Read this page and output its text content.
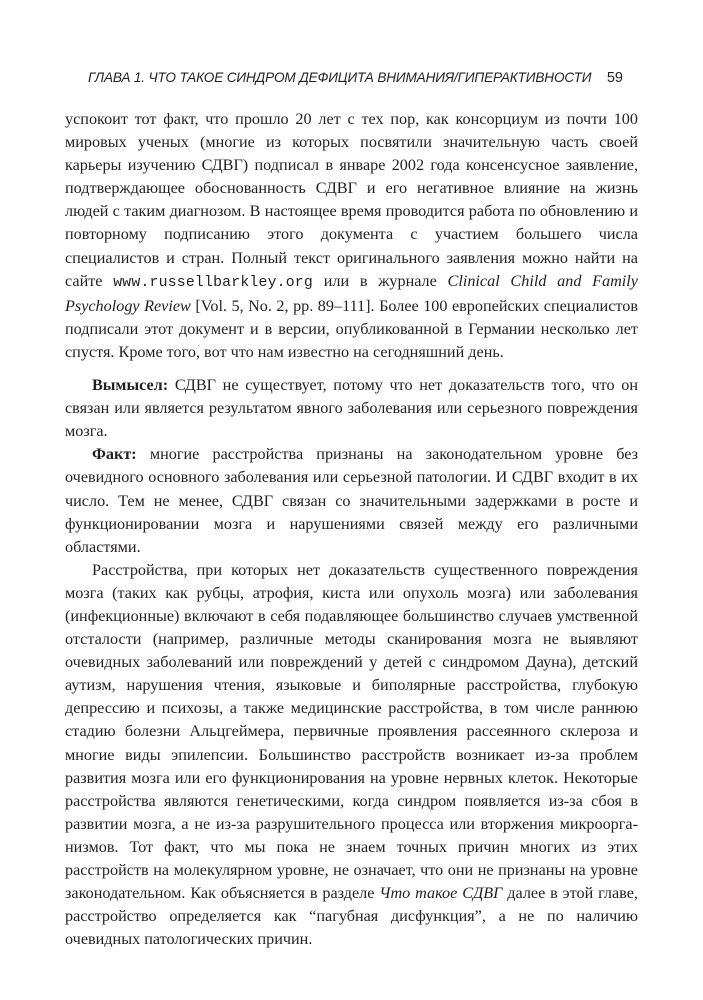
ГЛАВА 1. ЧТО ТАКОЕ СИНДРОМ ДЕФИЦИТА ВНИМАНИЯ/ГИПЕРАКТИВНОСТИ 59

успокоит тот факт, что прошло 20 лет с тех пор, как консорциум из почти 100 мировых ученых (многие из которых посвятили значительную часть своей карьеры изучению СДВГ) подписал в январе 2002 года консенсусное заявление, подтверждающее обоснованность СДВГ и его негативное влияние на жизнь людей с таким диагнозом. В настоящее время проводится работа по обновлению и повторному подписанию этого документа с участием большего числа специалистов и стран. Полный текст оригинального заявления можно найти на сайте www.russellbarkley.org или в журнале Clinical Child and Family Psychology Review [Vol. 5, No. 2, pp. 89–111]. Более 100 европейских специалистов подписали этот документ и в версии, опубликованной в Германии несколько лет спустя. Кроме того, вот что нам известно на сегодняшний день.

Вымысел: СДВГ не существует, потому что нет доказательств того, что он связан или является результатом явного заболевания или серьезного повреждения мозга.

Факт: многие расстройства признаны на законодательном уровне без очевидного основного заболевания или серьезной патологии. И СДВГ входит в их число. Тем не менее, СДВГ связан со значительными задержками в росте и функционировании мозга и нарушениями связей между его различными областями.

Расстройства, при которых нет доказательств существенного повреждения мозга (таких как рубцы, атрофия, киста или опухоль мозга) или заболевания (инфекционные) включают в себя подавляющее большинство случаев умственной отсталости (например, различные методы сканирования мозга не выявляют очевидных заболеваний или повреждений у детей с синдромом Дауна), детский аутизм, нарушения чтения, языковые и биполярные расстройства, глубокую депрессию и психозы, а также медицинские расстройства, в том числе раннюю стадию болезни Альцгеймера, первичные проявления рассеянного склероза и многие виды эпилепсии. Большинство расстройств возникает из-за проблем развития мозга или его функционирования на уровне нервных клеток. Некоторые расстройства являются генетическими, когда синдром появляется из-за сбоя в развитии мозга, а не из-за разрушительного процесса или вторжения микроорганизмов. Тот факт, что мы пока не знаем точных причин многих из этих расстройств на молекулярном уровне, не означает, что они не признаны на уровне законодательном. Как объясняется в разделе Что такое СДВГ далее в этой главе, расстройство определяется как “пагубная дисфункция”, а не по наличию очевидных патологических причин.
